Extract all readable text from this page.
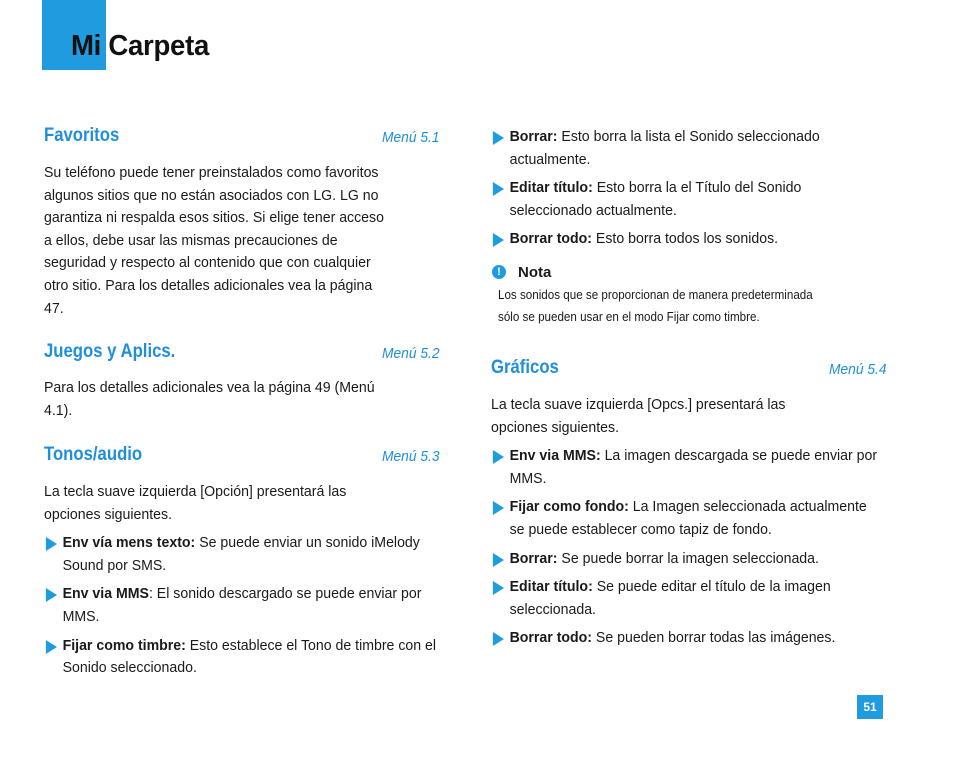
Mi Carpeta
Favoritos	Menú 5.1

Su teléfono puede tener preinstalados como favoritos

algunos sitios que no están asociados con LG. LG no

garantiza ni respalda esos sitios. Si elige tener acceso

a ellos, debe usar las mismas precauciones de

seguridad y respecto al contenido que con cualquier

otro sitio. Para los detalles adicionales vea la página

47.

Juegos y Aplics.	Menú 5.2

Para los detalles adicionales vea la página 49 (Menú

4.1).

Tonos/audio	Menú 5.3

La tecla suave izquierda [Opción] presentará las

opciones siguientes.

Env vía mens texto: Se puede enviar un sonido iMelody Sound por SMS.
Env via MMS: El sonido descargado se puede enviar por MMS.
Fijar como timbre: Esto establece el Tono de timbre con el Sonido seleccionado.
Borrar: Esto borra la lista el Sonido seleccionado actualmente.
Editar título: Esto borra la el Título del Sonido seleccionado actualmente.
Borrar todo: Esto borra todos los sonidos.
!	Nota

Los sonidos que se proporcionan de manera predeterminada

sólo se pueden usar en el modo Fijar como timbre.

Gráficos	Menú 5.4

La tecla suave izquierda [Opcs.] presentará las

opciones siguientes.

Env via MMS: La imagen descargada se puede enviar por MMS.
Fijar como fondo: La Imagen seleccionada actualmente se puede establecer como tapiz de fondo.
Borrar: Se puede borrar la imagen seleccionada.
Editar título: Se puede editar el título de la imagen seleccionada.
Borrar todo: Se pueden borrar todas las imágenes.
51
